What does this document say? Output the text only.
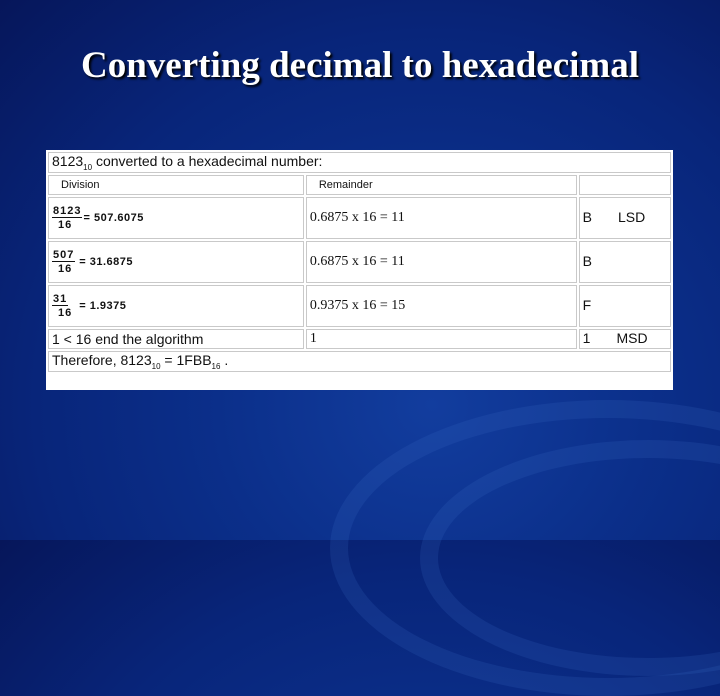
Converting decimal to hexadecimal
$8123_{10}$ converted to a hexadecimal number:		
Division	Remainder	

$\frac{8123}{16} = 507.6075$	0.6875 x 16 = 11	B LSD

$\frac{507}{16} = 31.6875$	0.6875 x 16 = 11	B

$\frac{31}{16} = 1.9375$	0.9375 x 16 = 15	F
1 < 16 end the algorithm	1	1 MSD
Therefore, $8123_{10} = 1FBB_{16}$ .		
